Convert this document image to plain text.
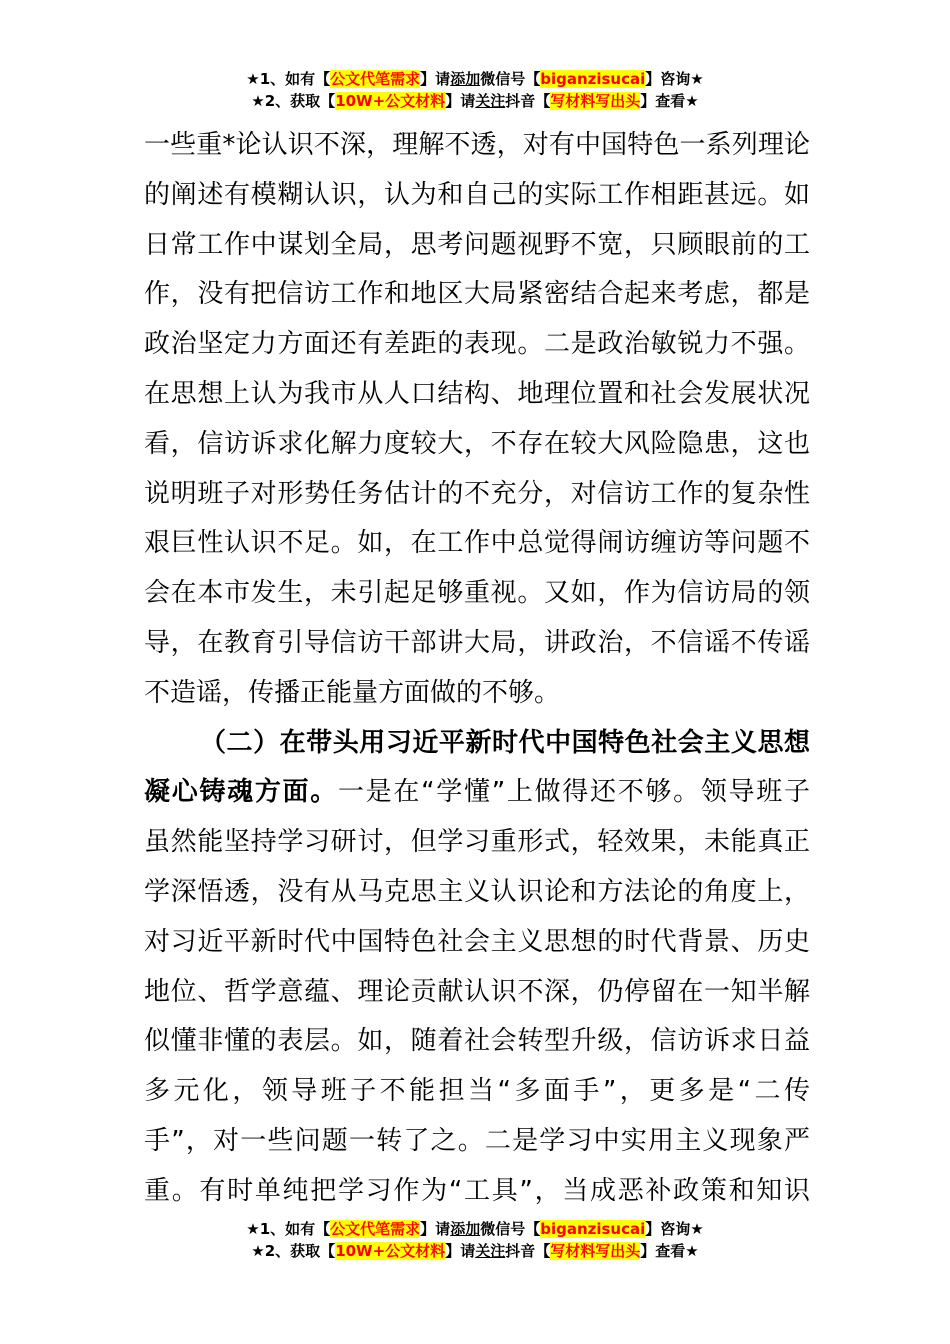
★1、如有【公文代笔需求】请添加微信号【biganzisucai】咨询★
★2、获取【10W+公文材料】请关注抖音【写材料写出头】查看★
一些重*论认识不深，理解不透，对有中国特色一系列理论
的阐述有模糊认识，认为和自己的实际工作相距甚远。如
日常工作中谋划全局，思考问题视野不宽，只顾眼前的工
作，没有把信访工作和地区大局紧密结合起来考虑，都是
政治坚定力方面还有差距的表现。二是政治敏锐力不强。
在思想上认为我市从人口结构、地理位置和社会发展状况
看，信访诉求化解力度较大，不存在较大风险隐患，这也
说明班子对形势任务估计的不充分，对信访工作的复杂性
艰巨性认识不足。如，在工作中总觉得闹访缠访等问题不
会在本市发生，未引起足够重视。又如，作为信访局的领
导，在教育引导信访干部讲大局，讲政治，不信谣不传谣
不造谣，传播正能量方面做的不够。
（二）在带头用习近平新时代中国特色社会主义思想
凝心铸魂方面。一是在“学懂”上做得还不够。领导班子
虽然能坚持学习研讨，但学习重形式，轻效果，未能真正
学深悟透，没有从马克思主义认识论和方法论的角度上，
对习近平新时代中国特色社会主义思想的时代背景、历史
地位、哲学意蕴、理论贡献认识不深，仍停留在一知半解
似懂非懂的表层。如，随着社会转型升级，信访诉求日益
多元化，领导班子不能担当“多面手”，更多是“二传
手”，对一些问题一转了之。二是学习中实用主义现象严
重。有时单纯把学习作为“工具”，当成恶补政策和知识
★1、如有【公文代笔需求】请添加微信号【biganzisucai】咨询★
★2、获取【10W+公文材料】请关注抖音【写材料写出头】查看★
